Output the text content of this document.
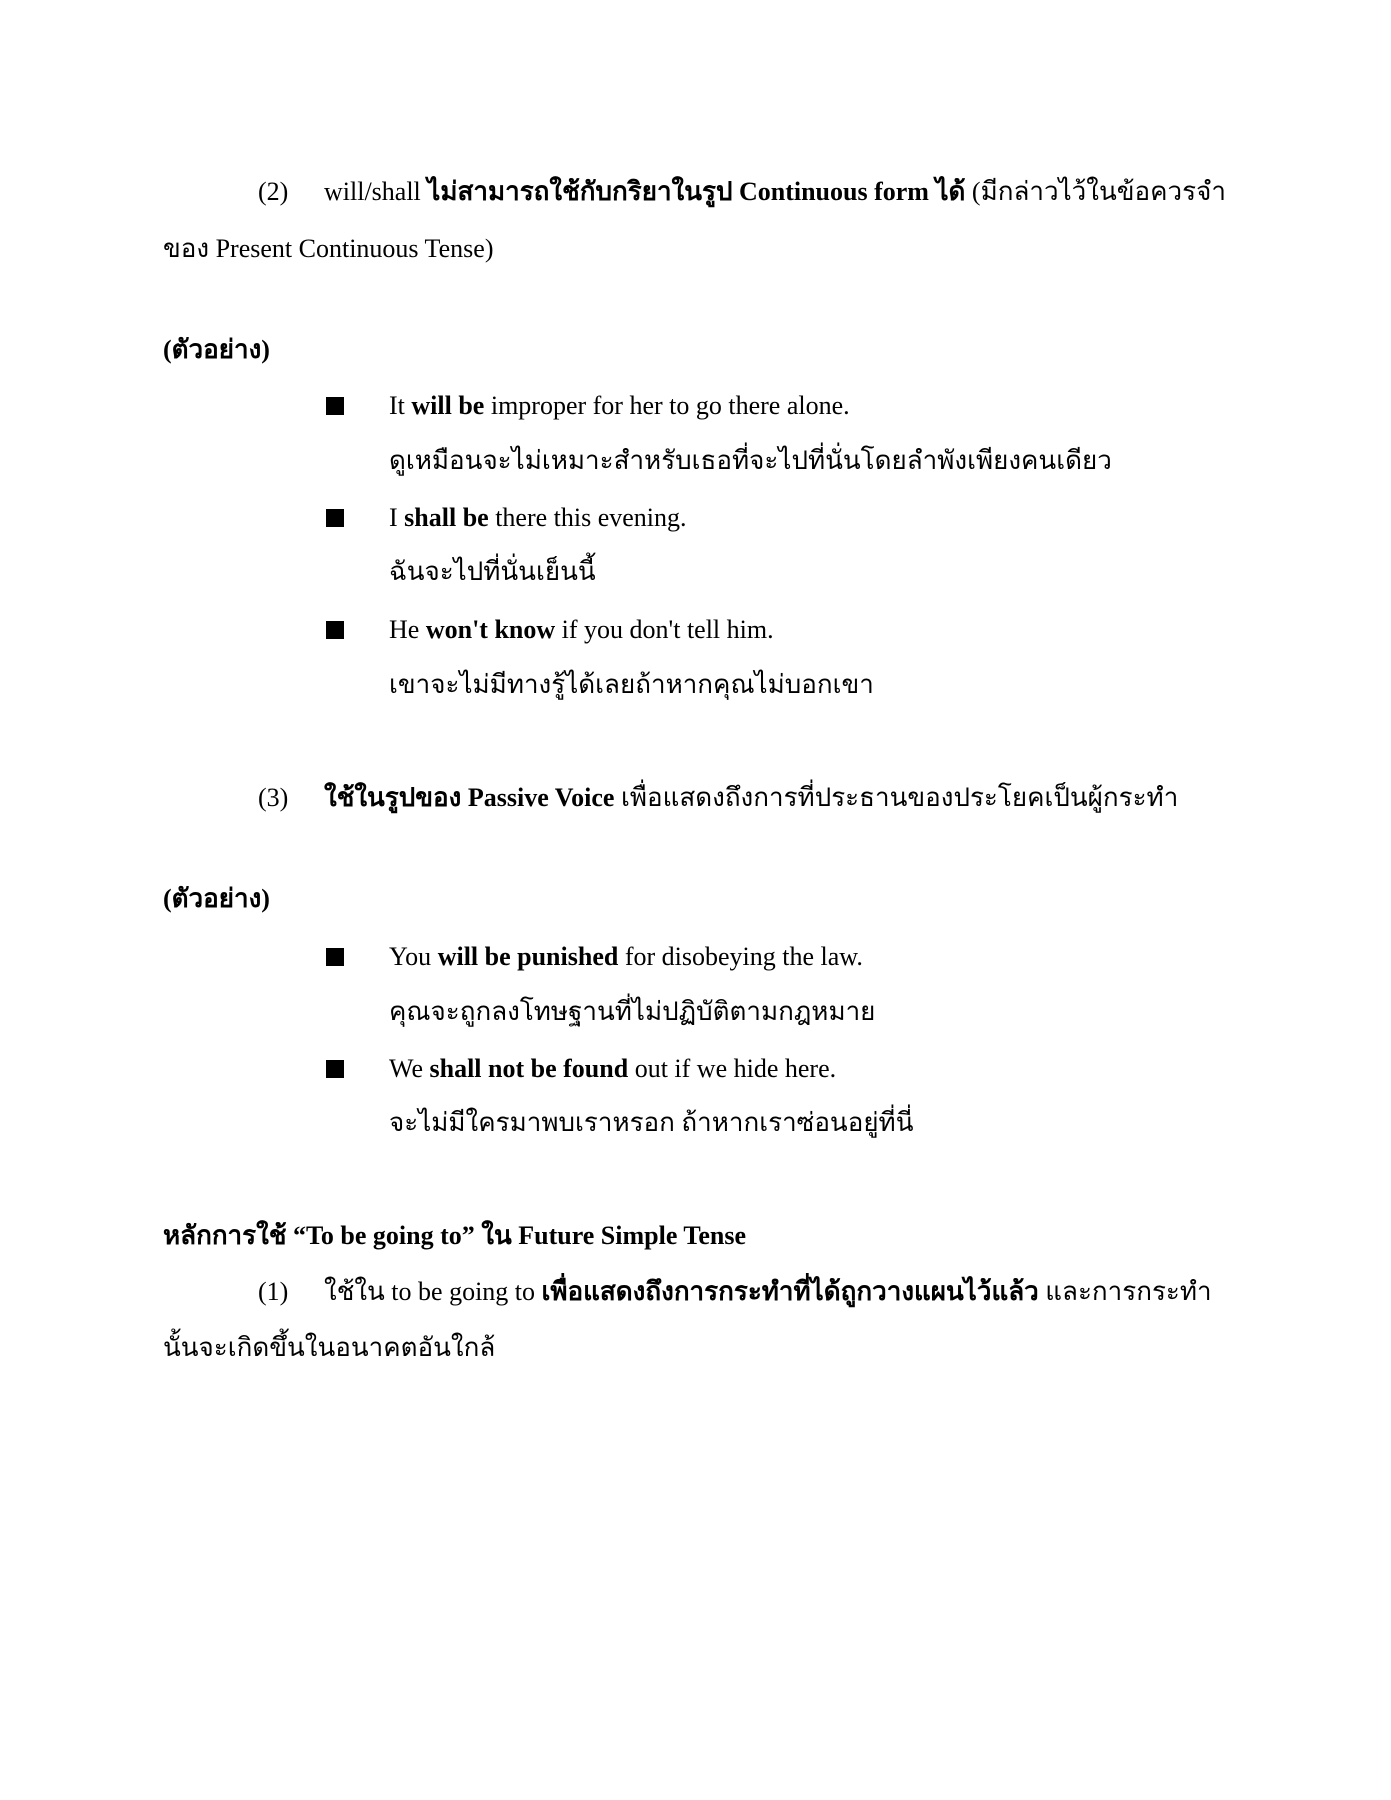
(2) will/shall ไม่สามารถใช้กับกริยาในรูป Continuous form ได้ (มีกล่าวไว้ในข้อควรจำ
ของ Present Continuous Tense)
(ตัวอย่าง)
It will be improper for her to go there alone.
ดูเหมือนจะไม่เหมาะสำหรับเธอที่จะไปที่นั่นโดยลำพังเพียงคนเดียว
I shall be there this evening.
ฉันจะไปที่นั่นเย็นนี้
He won't know if you don't tell him.
เขาจะไม่มีทางรู้ได้เลยถ้าหากคุณไม่บอกเขา
(3) ใช้ในรูปของ Passive Voice เพื่อแสดงถึงการที่ประธานของประโยคเป็นผู้กระทำ
(ตัวอย่าง)
You will be punished for disobeying the law.
คุณจะถูกลงโทษฐานที่ไม่ปฏิบัติตามกฎหมาย
We shall not be found out if we hide here.
จะไม่มีใครมาพบเราหรอก ถ้าหากเราซ่อนอยู่ที่นี่
หลักการใช้ “To be going to” ใน Future Simple Tense
(1) ใช้ใน to be going to เพื่อแสดงถึงการกระทำที่ได้ถูกวางแผนไว้แล้ว และการกระทำ
นั้นจะเกิดขึ้นในอนาคตอันใกล้
